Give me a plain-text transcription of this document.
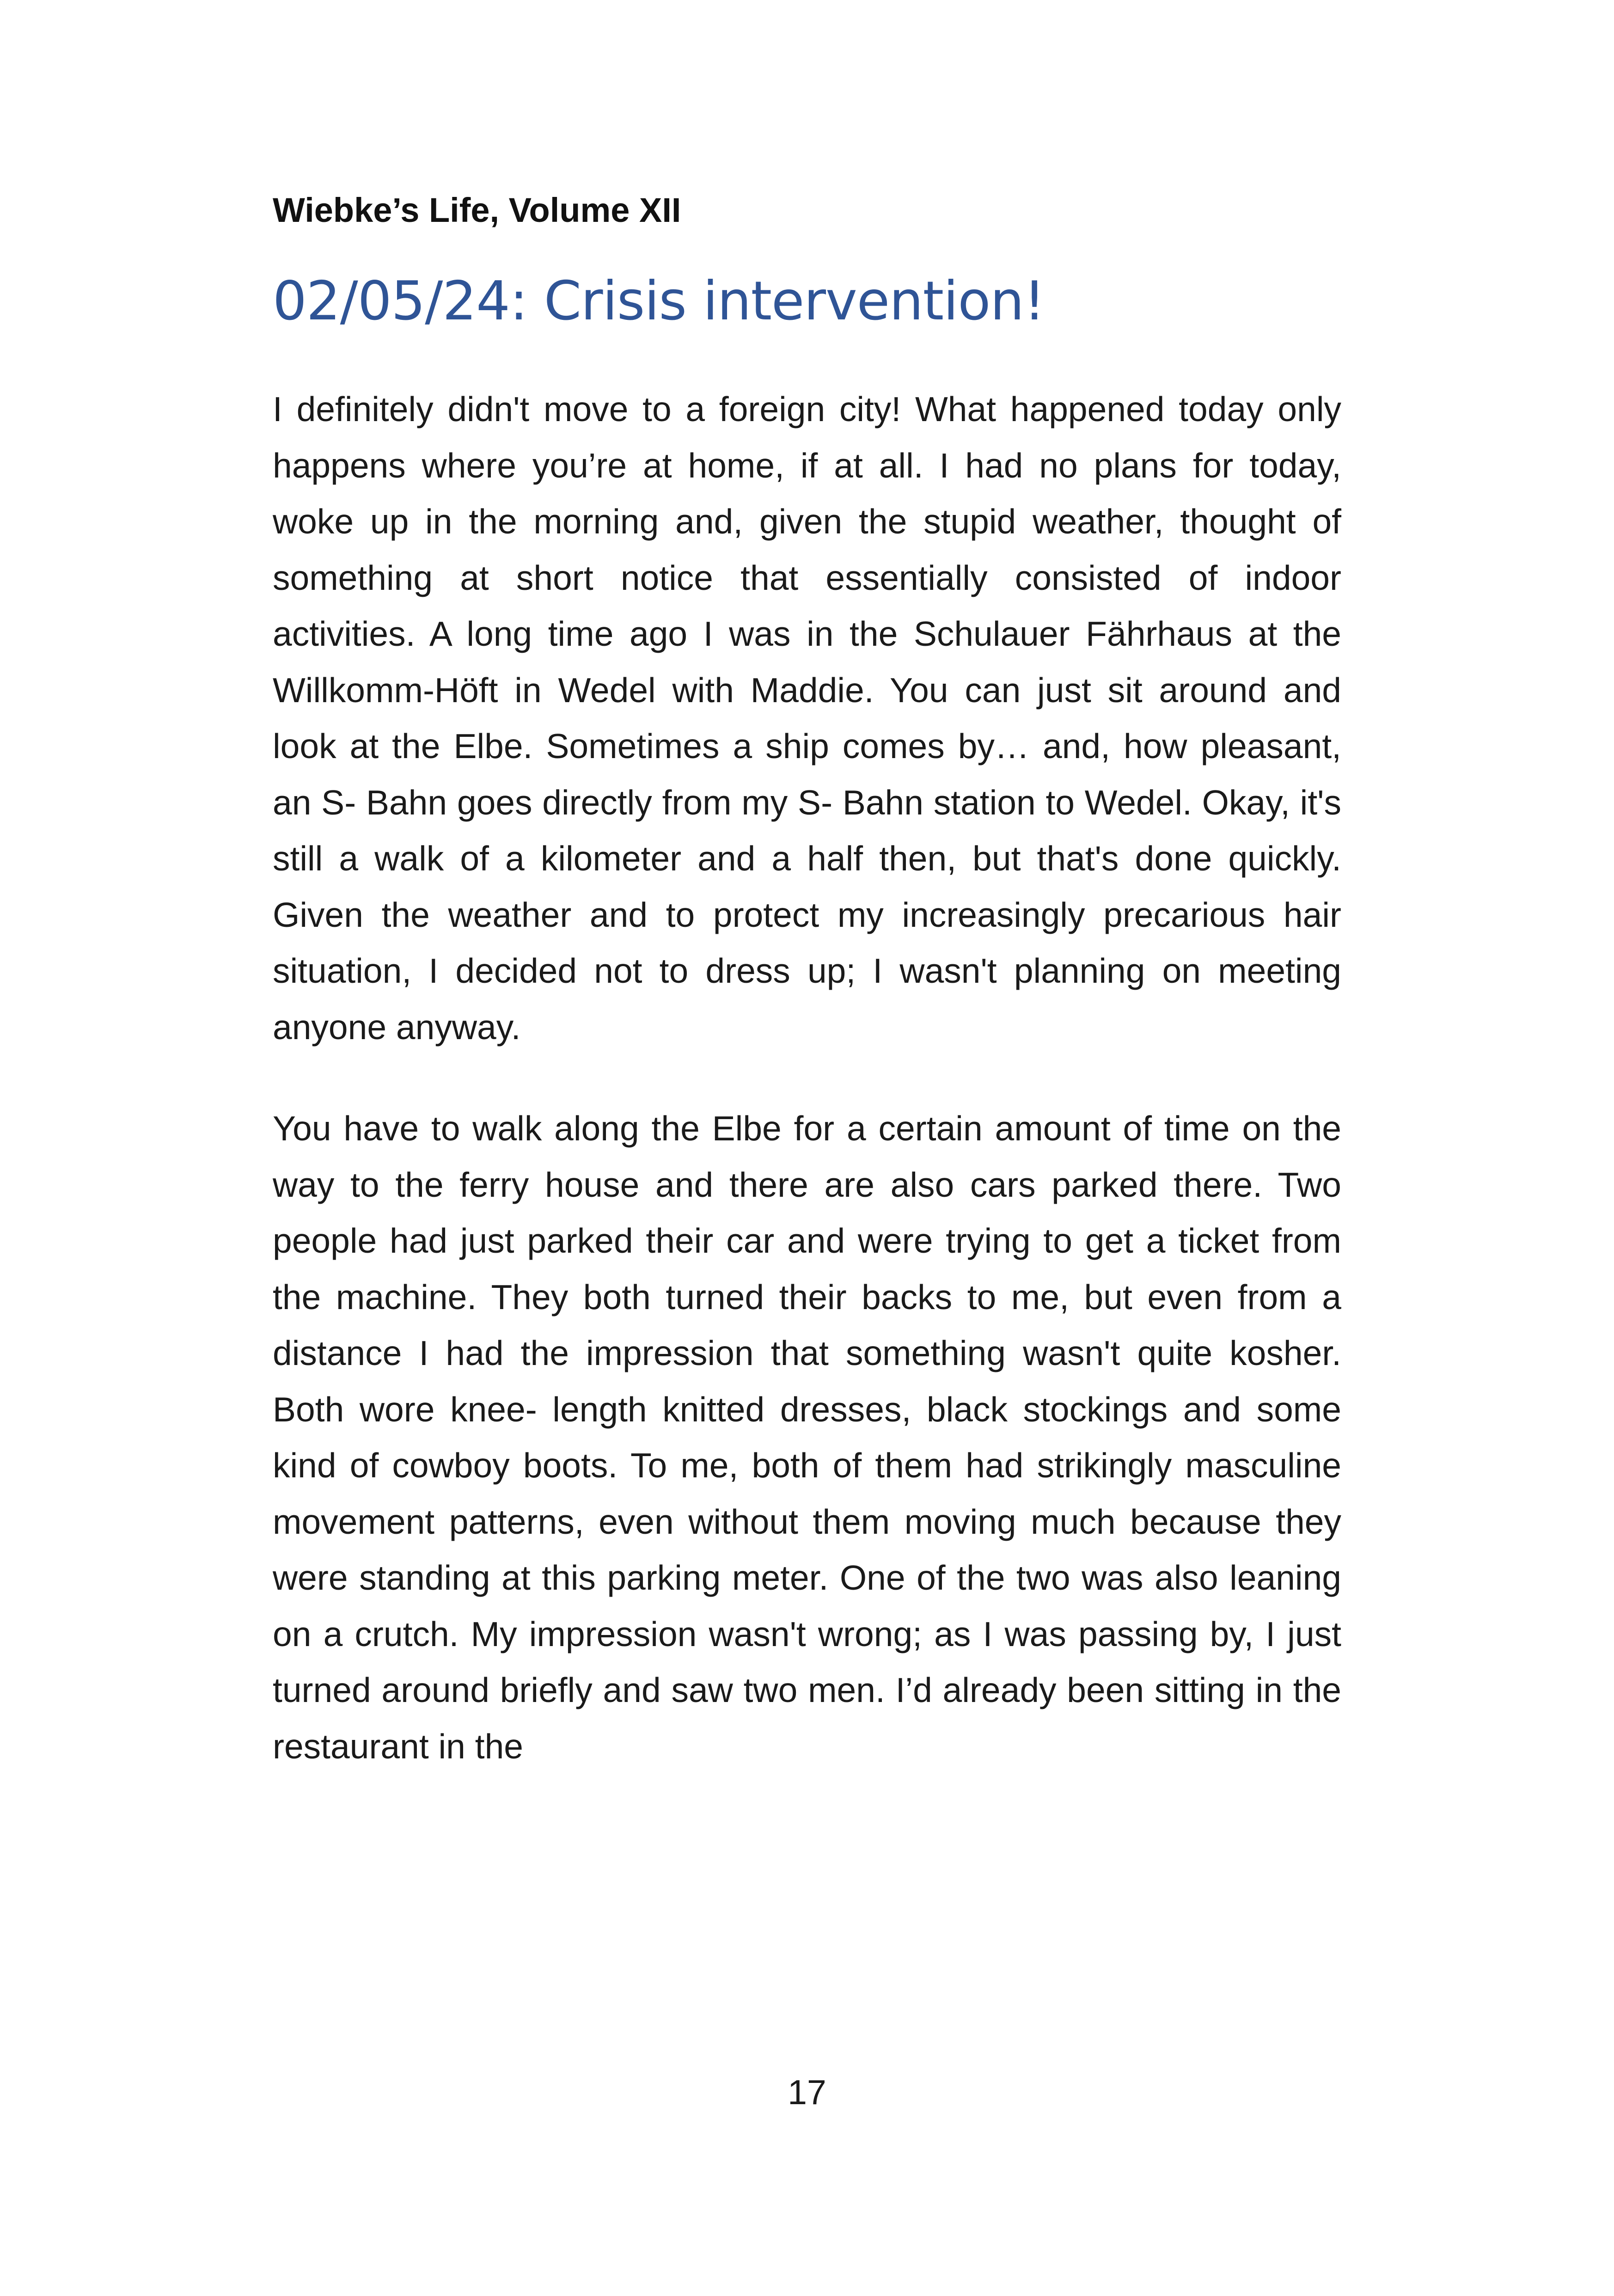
Wiebke’s Life, Volume XII
02/05/24: Crisis intervention!

I definitely didn't move to a foreign city! What happened today only happens where you’re at home, if at all. I had no plans for today, woke up in the morning and, given the stupid weather, thought of something at short notice that essentially consisted of indoor activities. A long time ago I was in the Schulauer Fährhaus at the Willkomm-Höft in Wedel with Maddie. You can just sit around and look at the Elbe. Sometimes a ship comes by… and, how pleasant, an S- Bahn goes directly from my S- Bahn station to Wedel. Okay, it's still a walk of a kilometer and a half then, but that's done quickly. Given the weather and to protect my increasingly precarious hair situation, I decided not to dress up; I wasn't planning on meeting anyone anyway.

You have to walk along the Elbe for a certain amount of time on the way to the ferry house and there are also cars parked there. Two people had just parked their car and were trying to get a ticket from the machine. They both turned their backs to me, but even from a distance I had the impression that something wasn't quite kosher. Both wore knee- length knitted dresses, black stockings and some kind of cowboy boots. To me, both of them had strikingly masculine movement patterns, even without them moving much because they were standing at this parking meter. One of the two was also leaning on a crutch. My impression wasn't wrong; as I was passing by, I just turned around briefly and saw two men. I’d already been sitting in the restaurant in the

17
